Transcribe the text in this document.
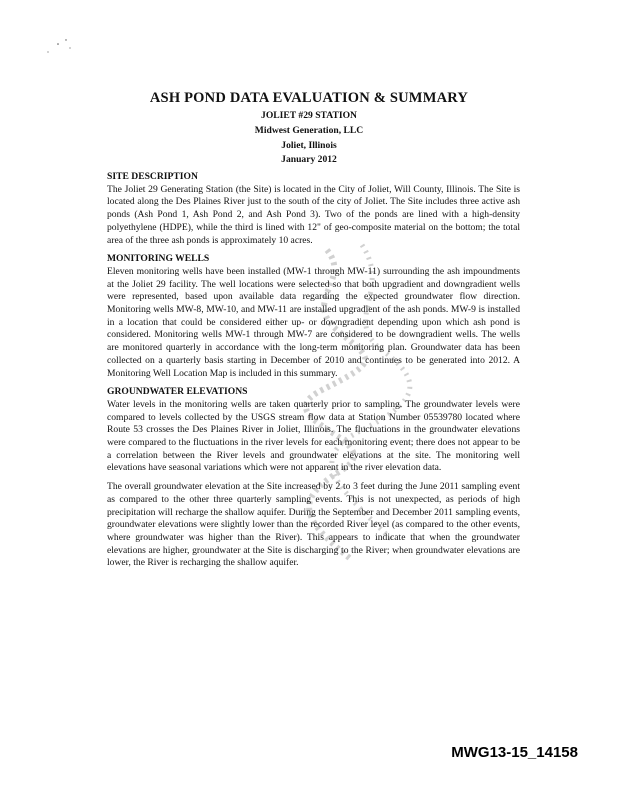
ASH POND DATA EVALUATION & SUMMARY
JOLIET #29 STATION
Midwest Generation, LLC
Joliet, Illinois
January 2012

SITE DESCRIPTION

The Joliet 29 Generating Station (the Site) is located in the City of Joliet, Will County, Illinois. The Site is located along the Des Plaines River just to the south of the city of Joliet. The Site includes three active ash ponds (Ash Pond 1, Ash Pond 2, and Ash Pond 3). Two of the ponds are lined with a high-density polyethylene (HDPE), while the third is lined with 12" of geo-composite material on the bottom; the total area of the three ash ponds is approximately 10 acres.

MONITORING WELLS

Eleven monitoring wells have been installed (MW-1 through MW-11) surrounding the ash impoundments at the Joliet 29 facility. The well locations were selected so that both upgradient and downgradient wells were represented, based upon available data regarding the expected groundwater flow direction. Monitoring wells MW-8, MW-10, and MW-11 are installed upgradient of the ash ponds. MW-9 is installed in a location that could be considered either up- or downgradient depending upon which ash pond is considered. Monitoring wells MW-1 through MW-7 are considered to be downgradient wells. The wells are monitored quarterly in accordance with the long-term monitoring plan. Groundwater data has been collected on a quarterly basis starting in December of 2010 and continues to be generated into 2012. A Monitoring Well Location Map is included in this summary.

GROUNDWATER ELEVATIONS

Water levels in the monitoring wells are taken quarterly prior to sampling. The groundwater levels were compared to levels collected by the USGS stream flow data at Station Number 05539780 located where Route 53 crosses the Des Plaines River in Joliet, Illinois. The fluctuations in the groundwater elevations were compared to the fluctuations in the river levels for each monitoring event; there does not appear to be a correlation between the River levels and groundwater elevations at the site. The monitoring well elevations have seasonal variations which were not apparent in the river elevation data.

The overall groundwater elevation at the Site increased by 2 to 3 feet during the June 2011 sampling event as compared to the other three quarterly sampling events. This is not unexpected, as periods of high precipitation will recharge the shallow aquifer. During the September and December 2011 sampling events, groundwater elevations were slightly lower than the recorded River level (as compared to the other events, where groundwater was higher than the River). This appears to indicate that when the groundwater elevations are higher, groundwater at the Site is discharging to the River; when groundwater elevations are lower, the River is recharging the shallow aquifer.

MWG13-15_14158
